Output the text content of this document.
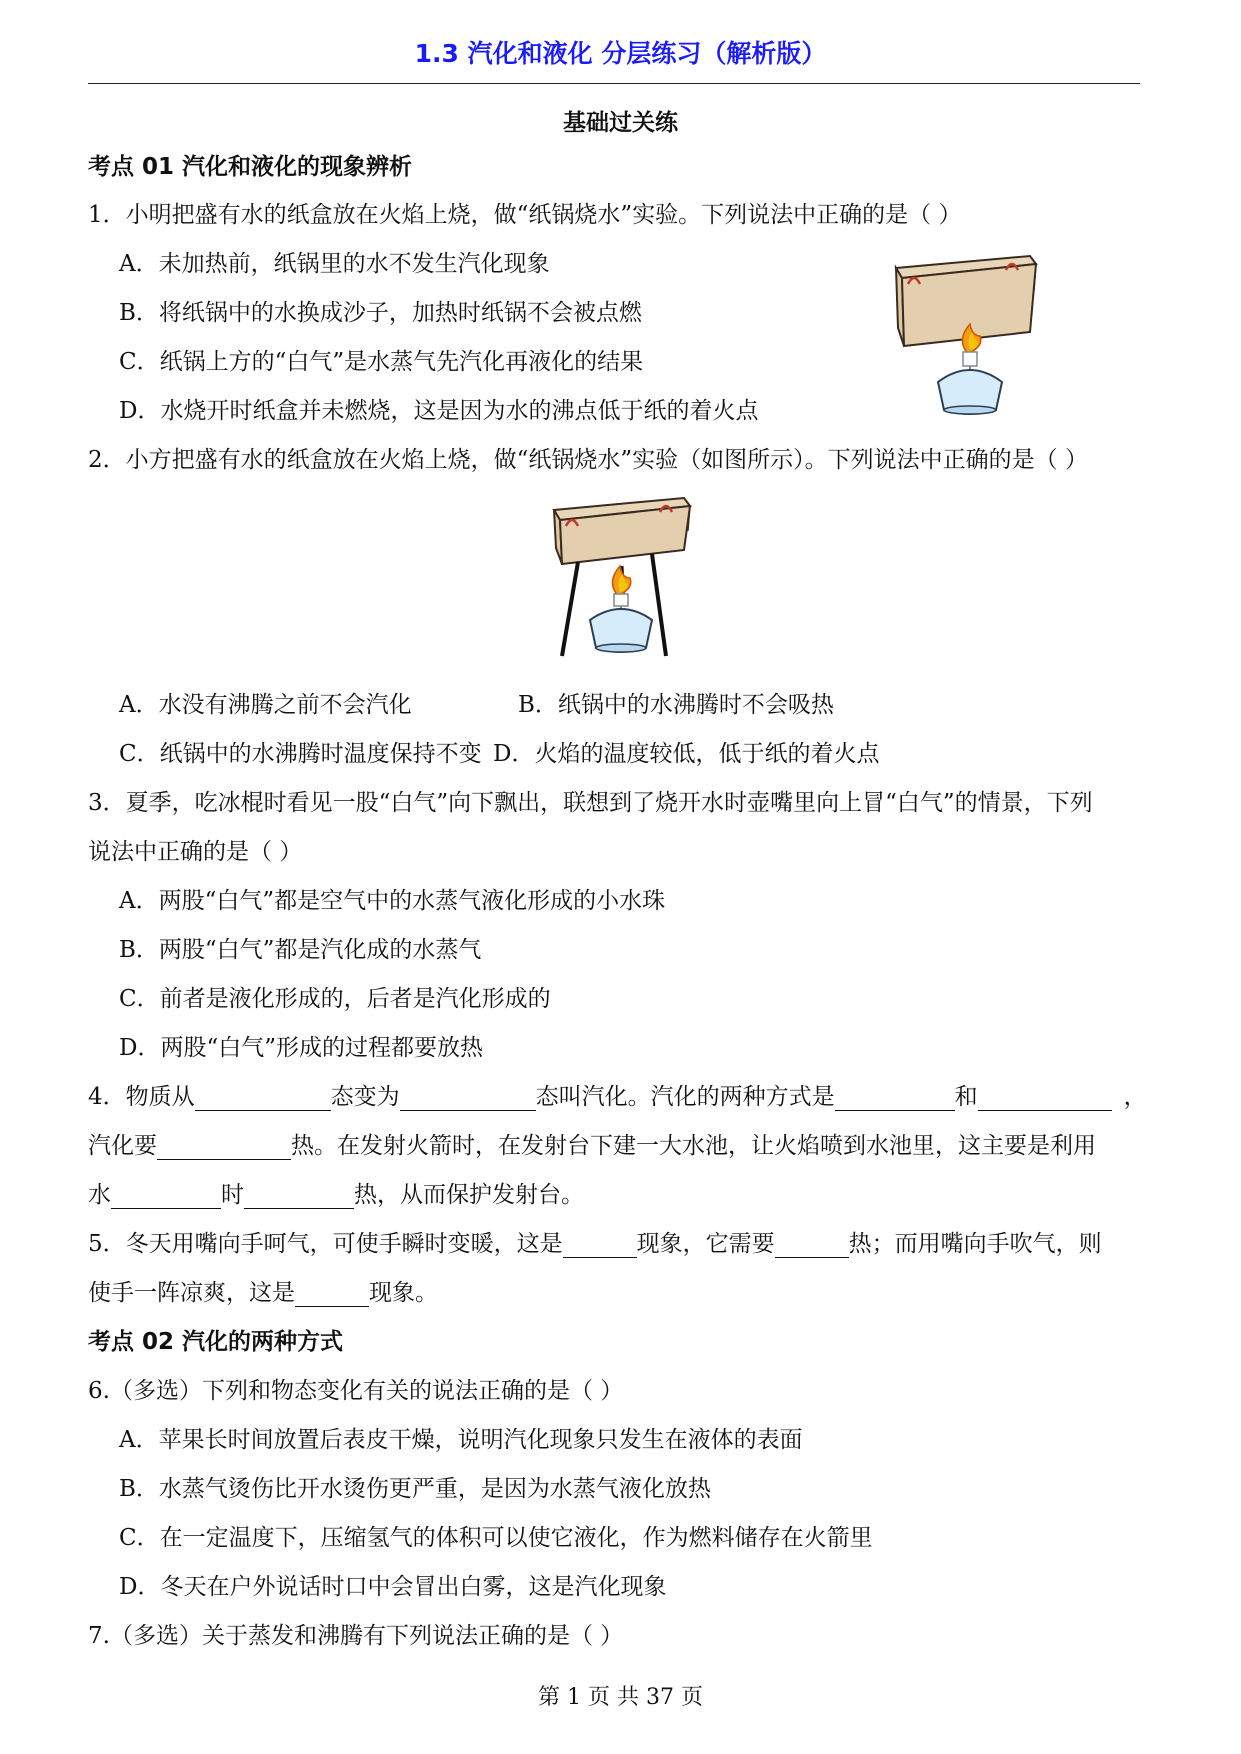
1.3 汽化和液化 分层练习（解析版）
基础过关练
考点 01 汽化和液化的现象辨析
1．小明把盛有水的纸盒放在火焰上烧，做“纸锅烧水”实验。下列说法中正确的是（ ）
A．未加热前，纸锅里的水不发生汽化现象
B．将纸锅中的水换成沙子，加热时纸锅不会被点燃
C．纸锅上方的“白气”是水蒸气先汽化再液化的结果
D．水烧开时纸盒并未燃烧，这是因为水的沸点低于纸的着火点
2．小方把盛有水的纸盒放在火焰上烧，做“纸锅烧水”实验（如图所示）。下列说法中正确的是（ ）
A．水没有沸腾之前不会汽化	B．纸锅中的水沸腾时不会吸热
C．纸锅中的水沸腾时温度保持不变 D．火焰的温度较低，低于纸的着火点
3．夏季，吃冰棍时看见一股“白气”向下飘出，联想到了烧开水时壶嘴里向上冒“白气”的情景，下列
说法中正确的是（ ）
A．两股“白气”都是空气中的水蒸气液化形成的小水珠
B．两股“白气”都是汽化成的水蒸气
C．前者是液化形成的，后者是汽化形成的
D．两股“白气”形成的过程都要放热
4．物质从	态变为	态叫汽化。汽化的两种方式是	和	，
汽化要	热。在发射火箭时，在发射台下建一大水池，让火焰喷到水池里，这主要是利用
水	时	热，从而保护发射台。
5．冬天用嘴向手呵气，可使手瞬时变暖，这是	现象，它需要	热；而用嘴向手吹气，则
使手一阵凉爽，这是	现象。
考点 02 汽化的两种方式
6.（多选）下列和物态变化有关的说法正确的是（ ）
A．苹果长时间放置后表皮干燥，说明汽化现象只发生在液体的表面
B．水蒸气烫伤比开水烫伤更严重，是因为水蒸气液化放热
C．在一定温度下，压缩氢气的体积可以使它液化，作为燃料储存在火箭里
D．冬天在户外说话时口中会冒出白雾，这是汽化现象
7.（多选）关于蒸发和沸腾有下列说法正确的是（ ）
第 1 页 共 37 页
